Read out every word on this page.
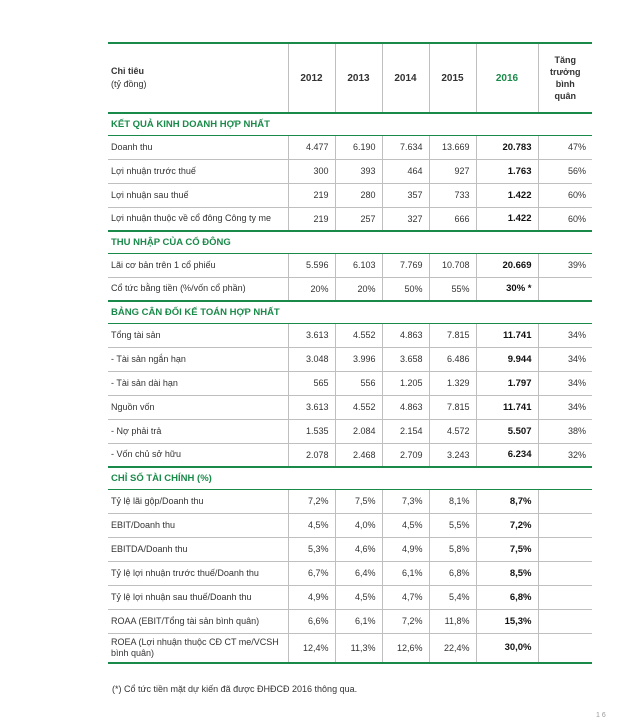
Chỉ tiêu
(tỷ đồng)	2012	2013	2014	2015	2016	Tăng
trưởng
bình
quân
KẾT QUẢ KINH DOANH HỢP NHẤT						
Doanh thu	4.477	6.190	7.634	13.669	20.783	47%
Lợi nhuận trước thuế	300	393	464	927	1.763	56%
Lợi nhuận sau thuế	219	280	357	733	1.422	60%
Lợi nhuận thuộc về cổ đông Công ty me	219	257	327	666	1.422	60%
THU NHẬP CỦA CỔ ĐÔNG						
Lãi cơ bản trên 1 cổ phiếu	5.596	6.103	7.769	10.708	20.669	39%
Cổ tức bằng tiền (%/vốn cổ phần)	20%	20%	50%	55%	30% *	
BẢNG CÂN ĐỐI KẾ TOÁN HỢP NHẤT						
Tổng tài sản	3.613	4.552	4.863	7.815	11.741	34%
- Tài sản ngắn hạn	3.048	3.996	3.658	6.486	9.944	34%
- Tài sản dài hạn	565	556	1.205	1.329	1.797	34%
Nguồn vốn	3.613	4.552	4.863	7.815	11.741	34%
- Nợ phải trả	1.535	2.084	2.154	4.572	5.507	38%
- Vốn chủ sở hữu	2.078	2.468	2.709	3.243	6.234	32%
CHỈ SỐ TÀI CHÍNH (%)						
Tỷ lệ lãi gộp/Doanh thu	7,2%	7,5%	7,3%	8,1%	8,7%	
EBIT/Doanh thu	4,5%	4,0%	4,5%	5,5%	7,2%	
EBITDA/Doanh thu	5,3%	4,6%	4,9%	5,8%	7,5%	
Tỷ lệ lợi nhuận trước thuế/Doanh thu	6,7%	6,4%	6,1%	6,8%	8,5%	
Tỷ lệ lợi nhuận sau thuế/Doanh thu	4,9%	4,5%	4,7%	5,4%	6,8%	
ROAA (EBIT/Tổng tài sản bình quân)	6,6%	6,1%	7,2%	11,8%	15,3%	
ROEA (Lợi nhuận thuộc CĐ CT me/VCSH bình quân)	12,4%	11,3%	12,6%	22,4%	30,0%	
(*) Cổ tức tiền mặt dự kiến đã được ĐHĐCĐ 2016 thông qua.
1 6
